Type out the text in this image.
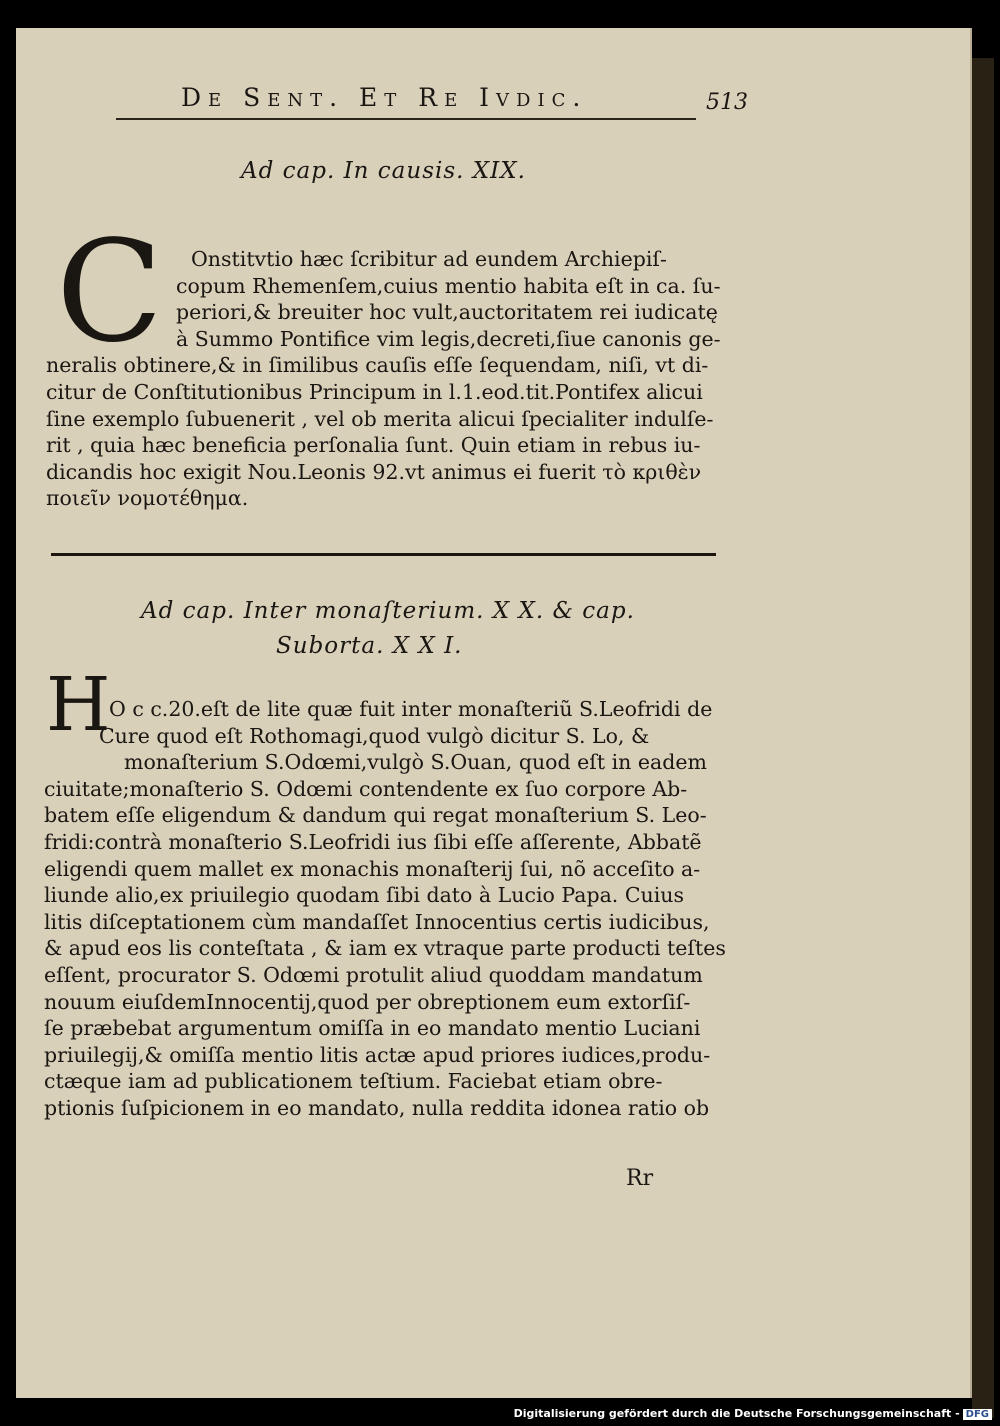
De Sent. Et Re Ivdic.	513
Ad cap. In causis. XIX.
C	Onstitvtio hæc ſcribitur ad eundem Archiepiſ-
copum Rhemenſem,cuius mentio habita eſt in ca. ſu-
periori,& breuiter hoc vult,auctoritatem rei iudicatę
à Summo Pontifice vim legis,decreti,ſiue canonis ge-
neralis obtinere,& in ſimilibus cauſis eſſe ſequendam, niſi, vt di-
citur de Conſtitutionibus Principum in l.1.eod.tit.Pontifex alicui
ſine exemplo ſubuenerit , vel ob merita alicui ſpecialiter indulſe-
rit , quia hæc beneficia perſonalia ſunt. Quin etiam in rebus iu-
dicandis hoc exigit Nou.Leonis 92.vt animus ei fuerit τὸ κριθὲν
ποιεῖν νομοτέθημα.
Ad cap. Inter monaſterium. X X. & cap.
Suborta. X X I.
H
O c c.20.eſt de lite quæ fuit inter monaſteriũ S.Leofridi de
Cure quod eſt Rothomagi,quod vulgò dicitur S. Lo, &
monaſterium S.Odœmi,vulgò S.Ouan, quod eſt in eadem
ciuitate;monaſterio S. Odœmi contendente ex ſuo corpore Ab-
batem eſſe eligendum & dandum qui regat monaſterium S. Leo-
fridi:contrà monaſterio S.Leofridi ius ſibi eſſe aſſerente, Abbatẽ
eligendi quem mallet ex monachis monaſterij ſui, nõ acceſito a-
liunde alio,ex priuilegio quodam ſibi dato à Lucio Papa. Cuius
litis diſceptationem cùm mandaſſet Innocentius certis iudicibus,
& apud eos lis conteſtata , & iam ex vtraque parte producti teſtes
eſſent, procurator S. Odœmi protulit aliud quoddam mandatum
nouum eiuſdemInnocentij,quod per obreptionem eum extorſiſ-
ſe præbebat argumentum omiſſa in eo mandato mentio Luciani
priuilegij,& omiſſa mentio litis actæ apud priores iudices,produ-
ctæque iam ad publicationem teſtium. Faciebat etiam obre-
ptionis ſuſpicionem in eo mandato, nulla reddita idonea ratio ob
Rr
Digitalisierung gefördert durch die Deutsche Forschungsgemeinschaft - DFG
